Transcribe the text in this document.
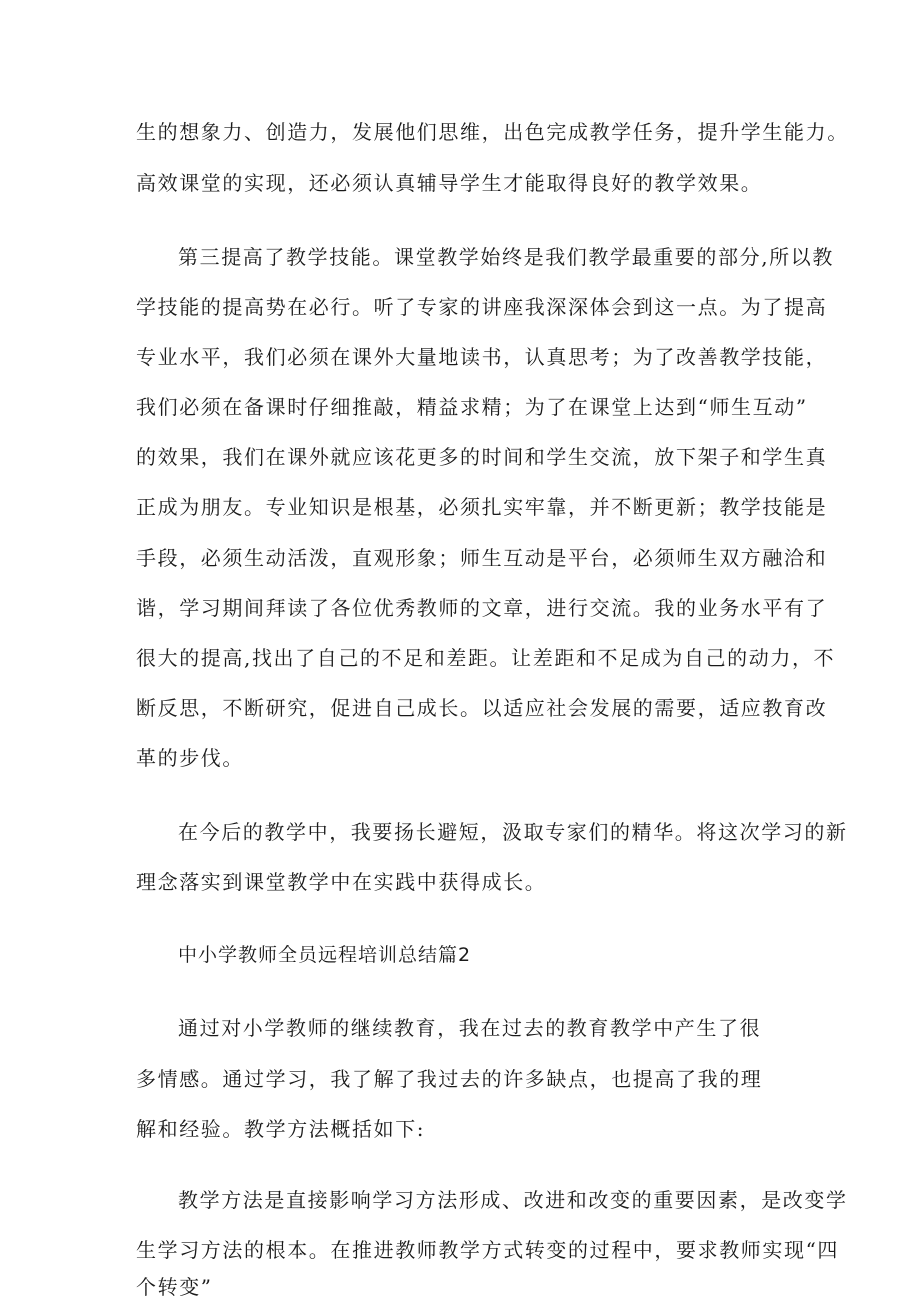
生的想象力、创造力，发展他们思维，出色完成教学任务，提升学生能力。
高效课堂的实现，还必须认真辅导学生才能取得良好的教学效果。
第三提高了教学技能。课堂教学始终是我们教学最重要的部分,所以教
学技能的提高势在必行。听了专家的讲座我深深体会到这一点。为了提高
专业水平，我们必须在课外大量地读书，认真思考；为了改善教学技能，
我们必须在备课时仔细推敲，精益求精；为了在课堂上达到“师生互动”
的效果，我们在课外就应该花更多的时间和学生交流，放下架子和学生真
正成为朋友。专业知识是根基，必须扎实牢靠，并不断更新；教学技能是
手段，必须生动活泼，直观形象；师生互动是平台，必须师生双方融洽和
谐，学习期间拜读了各位优秀教师的文章，进行交流。我的业务水平有了
很大的提高,找出了自己的不足和差距。让差距和不足成为自己的动力，不
断反思，不断研究，促进自己成长。以适应社会发展的需要，适应教育改
革的步伐。
在今后的教学中，我要扬长避短，汲取专家们的精华。将这次学习的新
理念落实到课堂教学中在实践中获得成长。
中小学教师全员远程培训总结篇2
通过对小学教师的继续教育，我在过去的教育教学中产生了很
多情感。通过学习，我了解了我过去的许多缺点，也提高了我的理
解和经验。教学方法概括如下:
教学方法是直接影响学习方法形成、改进和改变的重要因素，是改变学
生学习方法的根本。在推进教师教学方式转变的过程中，要求教师实现“四
个转变”
